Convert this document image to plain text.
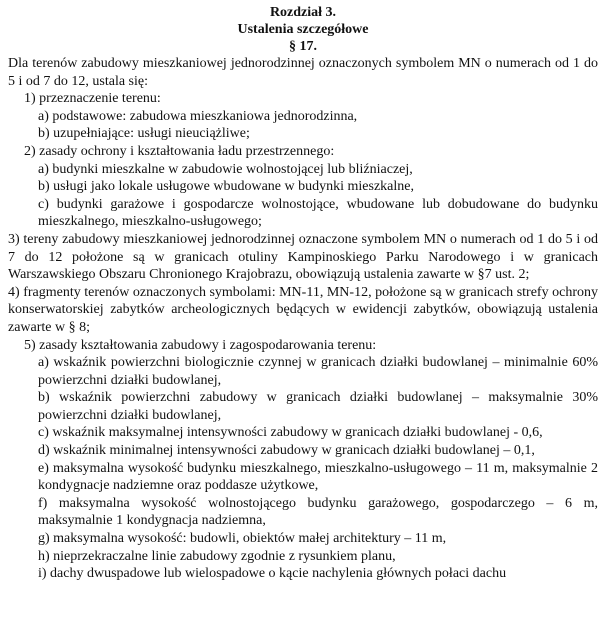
Rozdział 3.
Ustalenia szczegółowe
§ 17.

Dla terenów zabudowy mieszkaniowej jednorodzinnej oznaczonych symbolem MN o numerach od 1 do 5 i od 7 do 12, ustala się:

1) przeznaczenie terenu:

a) podstawowe: zabudowa mieszkaniowa jednorodzinna,

b) uzupełniające: usługi nieuciążliwe;

2) zasady ochrony i kształtowania ładu przestrzennego:

a) budynki mieszkalne w zabudowie wolnostojącej lub bliźniaczej,

b) usługi jako lokale usługowe wbudowane w budynki mieszkalne,

c) budynki garażowe i gospodarcze wolnostojące, wbudowane lub dobudowane do budynku mieszkalnego, mieszkalno-usługowego;

3) tereny zabudowy mieszkaniowej jednorodzinnej oznaczone symbolem MN o numerach od 1 do 5 i od 7 do 12 położone są w granicach otuliny Kampinoskiego Parku Narodowego i w granicach Warszawskiego Obszaru Chronionego Krajobrazu, obowiązują ustalenia zawarte w §7 ust. 2;

4) fragmenty terenów oznaczonych symbolami: MN-11, MN-12, położone są w granicach strefy ochrony konserwatorskiej zabytków archeologicznych będących w ewidencji zabytków, obowiązują ustalenia zawarte w § 8;

5) zasady kształtowania zabudowy i zagospodarowania terenu:

a) wskaźnik powierzchni biologicznie czynnej w granicach działki budowlanej – minimalnie 60% powierzchni działki budowlanej,

b) wskaźnik powierzchni zabudowy w granicach działki budowlanej – maksymalnie 30% powierzchni działki budowlanej,

c) wskaźnik maksymalnej intensywności zabudowy w granicach działki budowlanej - 0,6,

d) wskaźnik minimalnej intensywności zabudowy w granicach działki budowlanej – 0,1,

e) maksymalna wysokość budynku mieszkalnego, mieszkalno-usługowego – 11 m, maksymalnie 2 kondygnacje nadziemne oraz poddasze użytkowe,

f) maksymalna wysokość wolnostojącego budynku garażowego, gospodarczego – 6 m, maksymalnie 1 kondygnacja nadziemna,

g) maksymalna wysokość: budowli, obiektów małej architektury – 11 m,

h) nieprzekraczalne linie zabudowy zgodnie z rysunkiem planu,

i) dachy dwuspadowe lub wielospadowe o kącie nachylenia głównych połaci dachu
